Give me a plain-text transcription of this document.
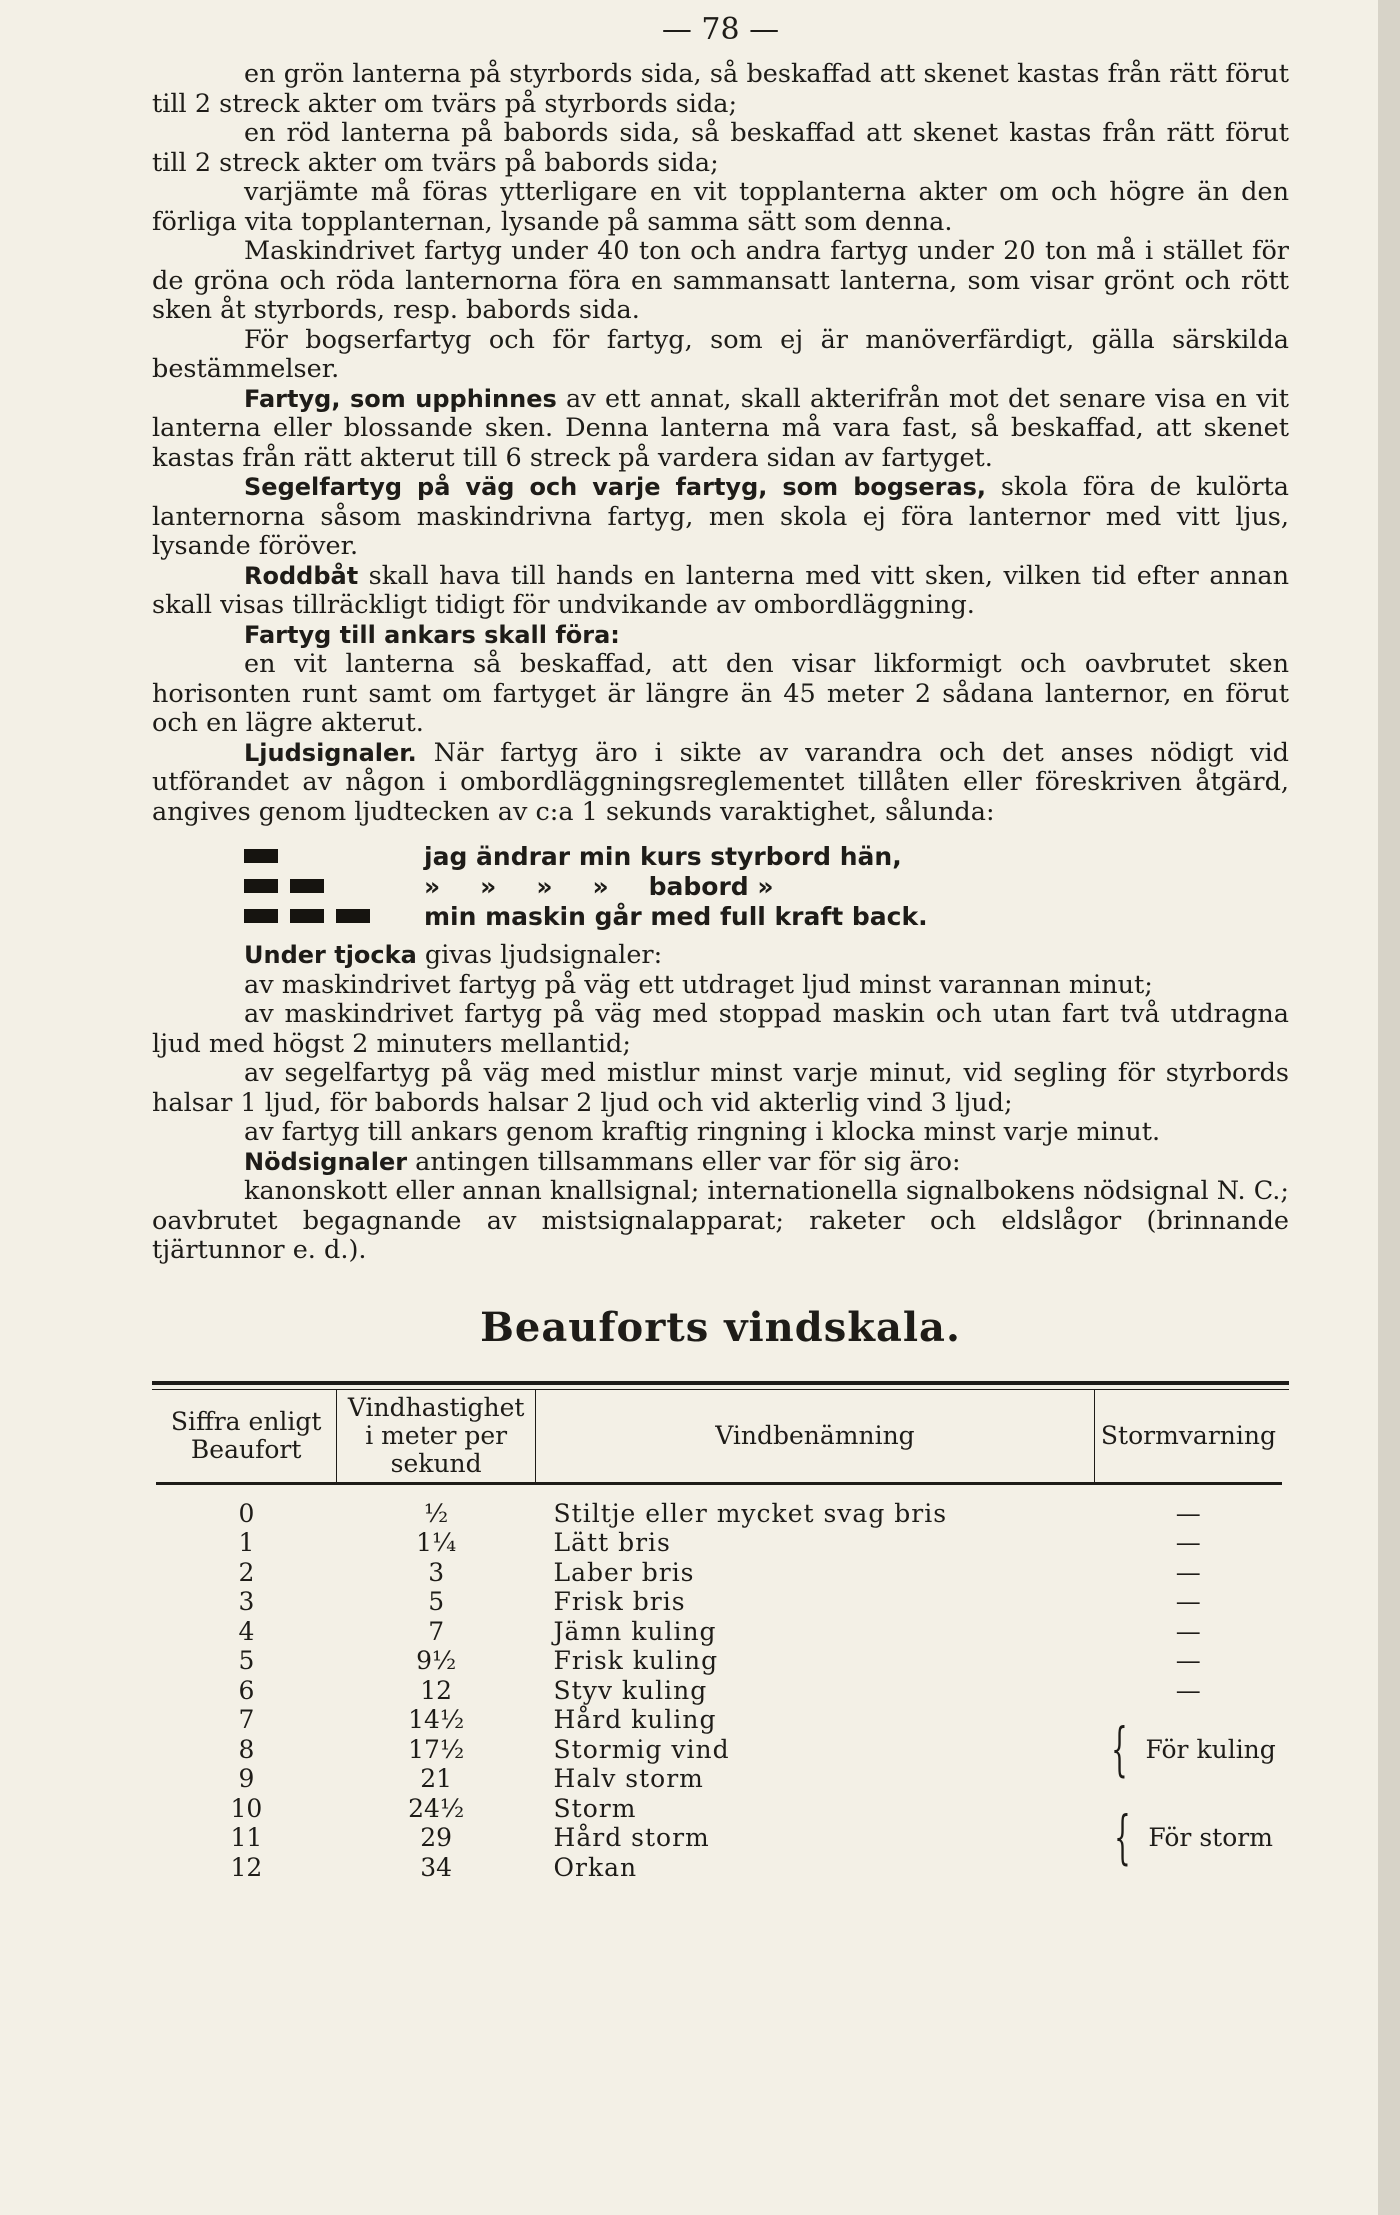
— 78 —

en grön lanterna på styrbords sida, så beskaffad att skenet kastas från rätt förut till 2 streck akter om tvärs på styrbords sida;

en röd lanterna på babords sida, så beskaffad att skenet kastas från rätt förut till 2 streck akter om tvärs på babords sida;

varjämte må föras ytterligare en vit topplanterna akter om och högre än den förliga vita topplanternan, lysande på samma sätt som denna.

Maskindrivet fartyg under 40 ton och andra fartyg under 20 ton må i stället för de gröna och röda lanternorna föra en sammansatt lanterna, som visar grönt och rött sken åt styrbords, resp. babords sida.

För bogserfartyg och för fartyg, som ej är manöverfärdigt, gälla särskilda bestämmelser.

Fartyg, som upphinnes av ett annat, skall akterifrån mot det senare visa en vit lanterna eller blossande sken. Denna lanterna må vara fast, så beskaffad, att skenet kastas från rätt akterut till 6 streck på vardera sidan av fartyget.

Segelfartyg på väg och varje fartyg, som bogseras, skola föra de kulörta lanternorna såsom maskindrivna fartyg, men skola ej föra lanternor med vitt ljus, lysande föröver.

Roddbåt skall hava till hands en lanterna med vitt sken, vilken tid efter annan skall visas tillräckligt tidigt för undvikande av ombordläggning.

Fartyg till ankars skall föra:

en vit lanterna så beskaffad, att den visar likformigt och oavbrutet sken horisonten runt samt om fartyget är längre än 45 meter 2 sådana lanternor, en förut och en lägre akterut.

Ljudsignaler. När fartyg äro i sikte av varandra och det anses nödigt vid utförandet av någon i ombordläggningsreglementet tillåten eller föreskriven åtgärd, angives genom ljudtecken av c:a 1 sekunds varaktighet, sålunda:

jag ändrar min kurs styrbord hän,
» » » » babord »
min maskin går med full kraft back.

Under tjocka givas ljudsignaler:

av maskindrivet fartyg på väg ett utdraget ljud minst varannan minut;

av maskindrivet fartyg på väg med stoppad maskin och utan fart två utdragna ljud med högst 2 minuters mellantid;

av segelfartyg på väg med mistlur minst varje minut, vid segling för styrbords halsar 1 ljud, för babords halsar 2 ljud och vid akterlig vind 3 ljud;

av fartyg till ankars genom kraftig ringning i klocka minst varje minut.

Nödsignaler antingen tillsammans eller var för sig äro:

kanonskott eller annan knallsignal; internationella signalbokens nödsignal N. C.; oavbrutet begagnande av mistsignalapparat; raketer och eldslågor (brinnande tjärtunnor e. d.).

Beauforts vindskala.
Siffra enligt Beaufort	Vindhastighet i meter per sekund	Vindbenämning	Stormvarning

0	½	Stiltje eller mycket svag bris	—
1	1¼	Lätt bris	—
2	3	Laber bris	—
3	5	Frisk bris	—
4	7	Jämn kuling	—
5	9½	Frisk kuling	—
6	12	Styv kuling	—
7	14½	Hård kuling	{ För kuling

8	17½	Stormig vind	
9	21	Halv storm	
10	24½	Storm	{ För storm

11	29	Hård storm	
12	34	Orkan	
